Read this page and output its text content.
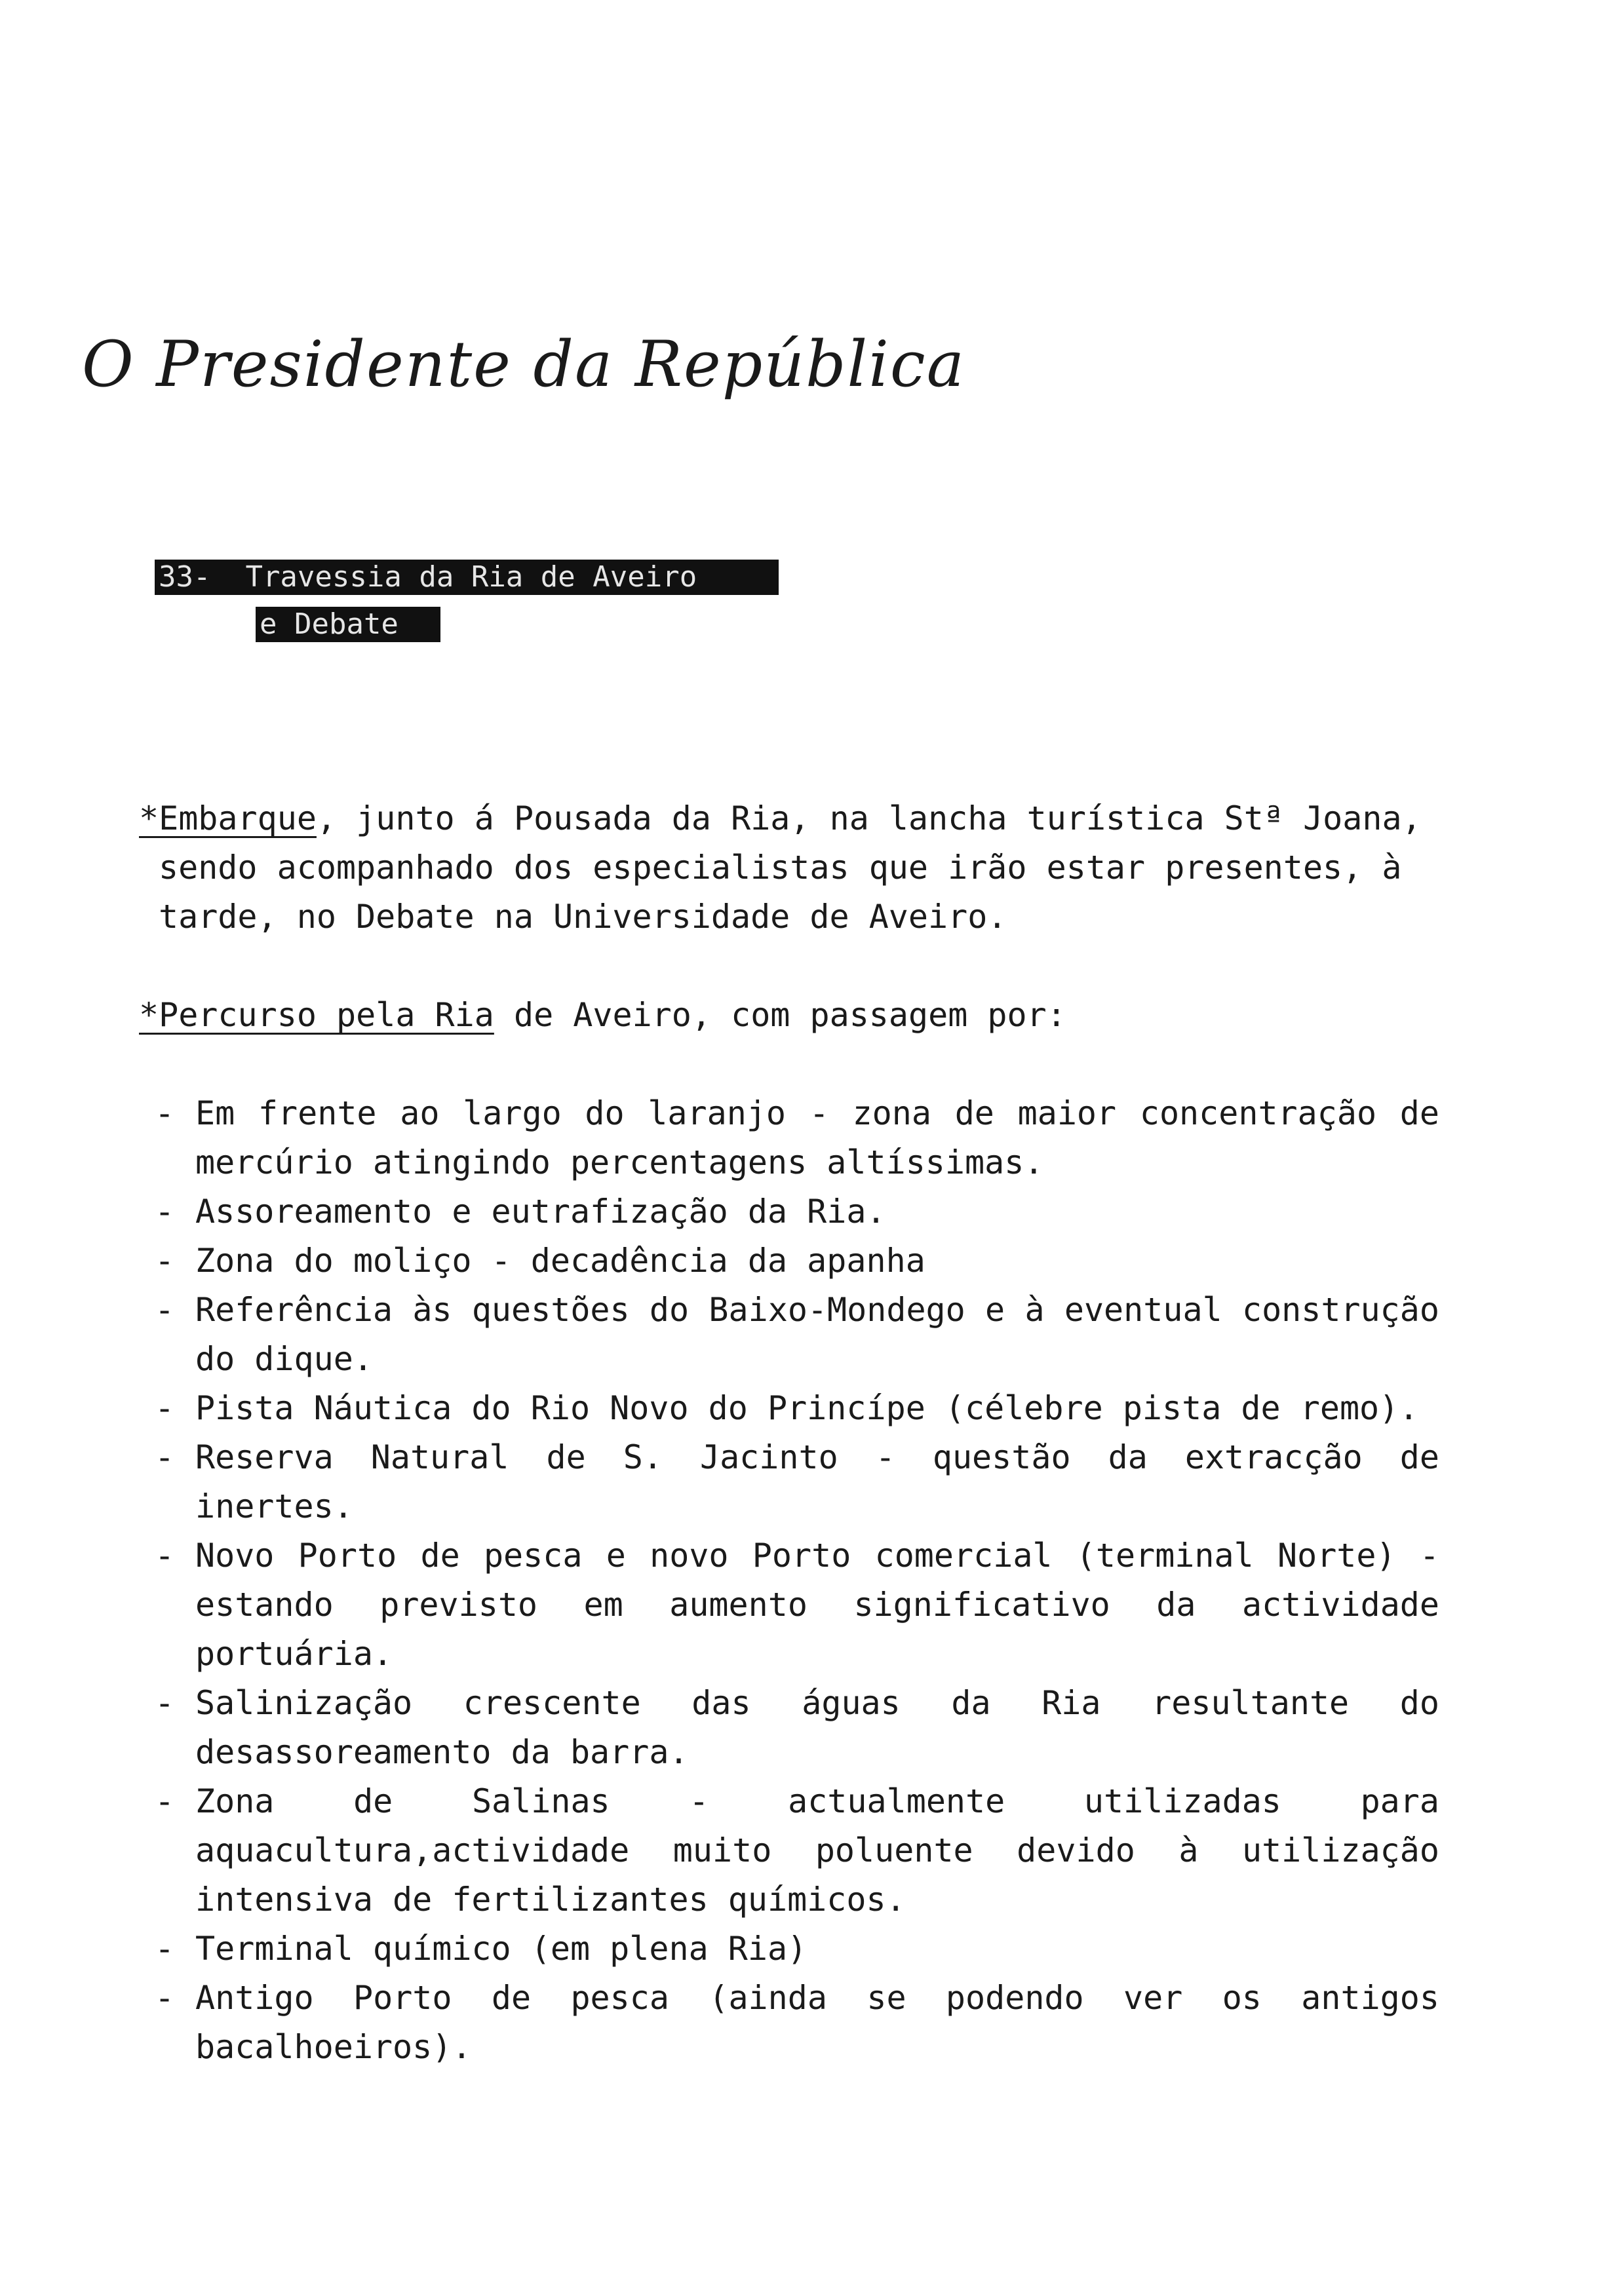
O Presidente da República
33-  Travessia da Ria de Aveiro
e Debate

*Embarque, junto á Pousada da Ria, na lancha turística Stª Joana,

sendo acompanhado dos especialistas que irão estar presentes, à

tarde, no Debate na Universidade de Aveiro.

*Percurso pela Ria de Aveiro, com passagem por:

- Em frente ao largo do laranjo - zona de maior concentração de mercúrio atingindo percentagens altíssimas.
- Assoreamento e eutrafização da Ria.
- Zona do moliço - decadência da apanha
- Referência às questões do Baixo-Mondego e à eventual construção do dique.
- Pista Náutica do Rio Novo do Princípe (célebre pista de remo).
- Reserva Natural de S. Jacinto - questão da extracção de inertes.
- Novo Porto de pesca e novo Porto comercial (terminal Norte) - estando previsto em aumento significativo da actividade portuária.
- Salinização crescente das águas da Ria resultante do desassoreamento da barra.
- Zona de Salinas - actualmente utilizadas para aquacultura,actividade muito poluente devido à utilização intensiva de fertilizantes químicos.
- Terminal químico (em plena Ria)
- Antigo Porto de pesca (ainda se podendo ver os antigos bacalhoeiros).
